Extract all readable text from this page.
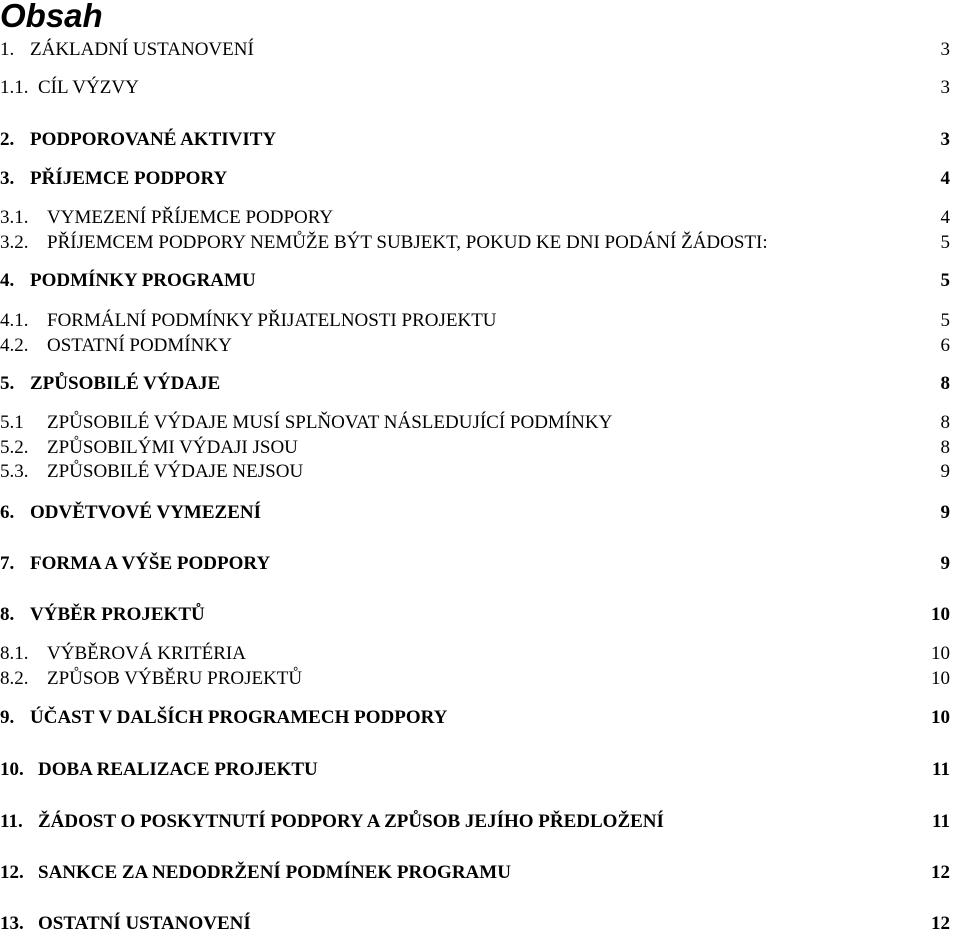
Obsah
1. ZÁKLADNÍ USTANOVENÍ	3
1.1. CÍL VÝZVY	3
2. PODPOROVANÉ AKTIVITY	3
3. PŘÍJEMCE PODPORY	4
3.1. VYMEZENÍ PŘÍJEMCE PODPORY	4
3.2. PŘÍJEMCEM PODPORY NEMŮŽE BÝT SUBJEKT, POKUD KE DNI PODÁNÍ ŽÁDOSTI:	5
4. PODMÍNKY PROGRAMU	5
4.1. FORMÁLNÍ PODMÍNKY PŘIJATELNOSTI PROJEKTU	5
4.2. OSTATNÍ PODMÍNKY	6
5. ZPŮSOBILÉ VÝDAJE	8
5.1 ZPŮSOBILÉ VÝDAJE MUSÍ SPLŇOVAT NÁSLEDUJÍCÍ PODMÍNKY	8
5.2. ZPŮSOBILÝMI VÝDAJI JSOU	8
5.3. ZPŮSOBILÉ VÝDAJE NEJSOU	9
6. ODVĚTVOVÉ VYMEZENÍ	9
7. FORMA A VÝŠE PODPORY	9
8. VÝBĚR PROJEKTŮ	10
8.1. VÝBĚROVÁ KRITÉRIA	10
8.2. ZPŮSOB VÝBĚRU PROJEKTŮ	10
9. ÚČAST V DALŠÍCH PROGRAMECH PODPORY	10
10. DOBA REALIZACE PROJEKTU	11
11. ŽÁDOST O POSKYTNUTÍ PODPORY A ZPŮSOB JEJÍHO PŘEDLOŽENÍ	11
12. SANKCE ZA NEDODRŽENÍ PODMÍNEK PROGRAMU	12
13. OSTATNÍ USTANOVENÍ	12
